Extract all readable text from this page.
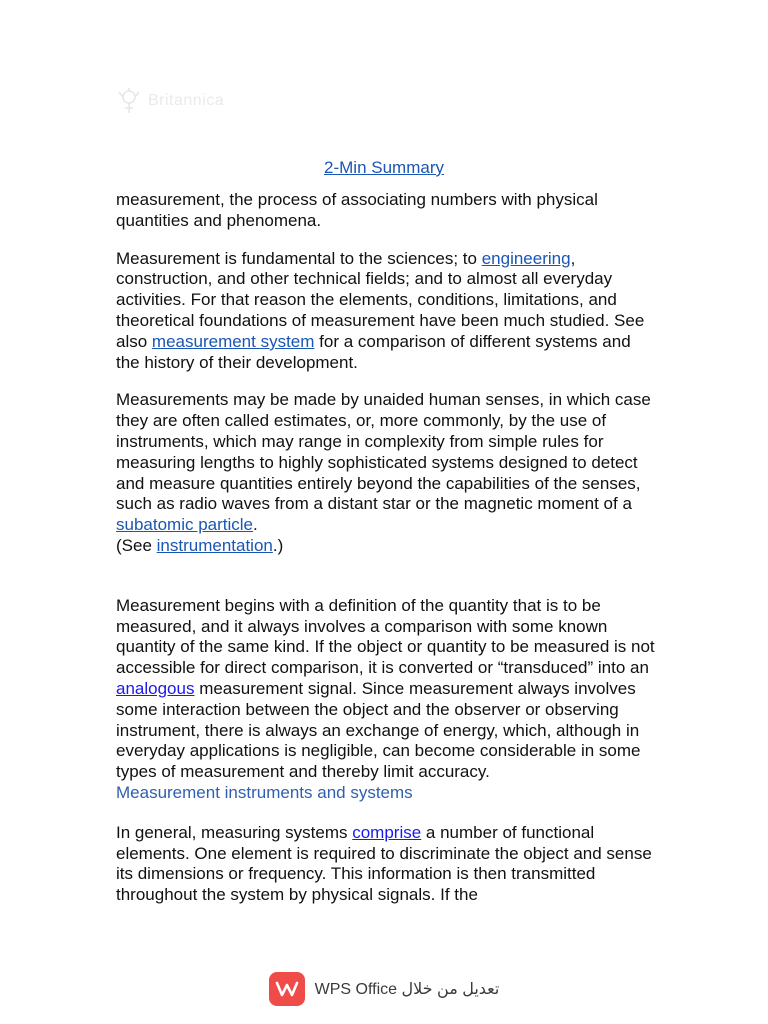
Britannica
2-Min Summary

measurement, the process of associating numbers with physical quantities and phenomena.

Measurement is fundamental to the sciences; to engineering, construction, and other technical fields; and to almost all everyday activities. For that reason the elements, conditions, limitations, and theoretical foundations of measurement have been much studied. See also measurement system for a comparison of different systems and the history of their development.

Measurements may be made by unaided human senses, in which case they are often called estimates, or, more commonly, by the use of instruments, which may range in complexity from simple rules for measuring lengths to highly sophisticated systems designed to detect and measure quantities entirely beyond the capabilities of the senses, such as radio waves from a distant star or the magnetic moment of a subatomic particle.
(See instrumentation.)

Measurement begins with a definition of the quantity that is to be measured, and it always involves a comparison with some known quantity of the same kind. If the object or quantity to be measured is not accessible for direct comparison, it is converted or “transduced” into an analogous measurement signal. Since measurement always involves some interaction between the object and the observer or observing instrument, there is always an exchange of energy, which, although in everyday applications is negligible, can become considerable in some types of measurement and thereby limit accuracy.

Measurement instruments and systems

In general, measuring systems comprise a number of functional elements. One element is required to discriminate the object and sense its dimensions or frequency. This information is then transmitted throughout the system by physical signals. If the

WPS Office تعديل من خلال
